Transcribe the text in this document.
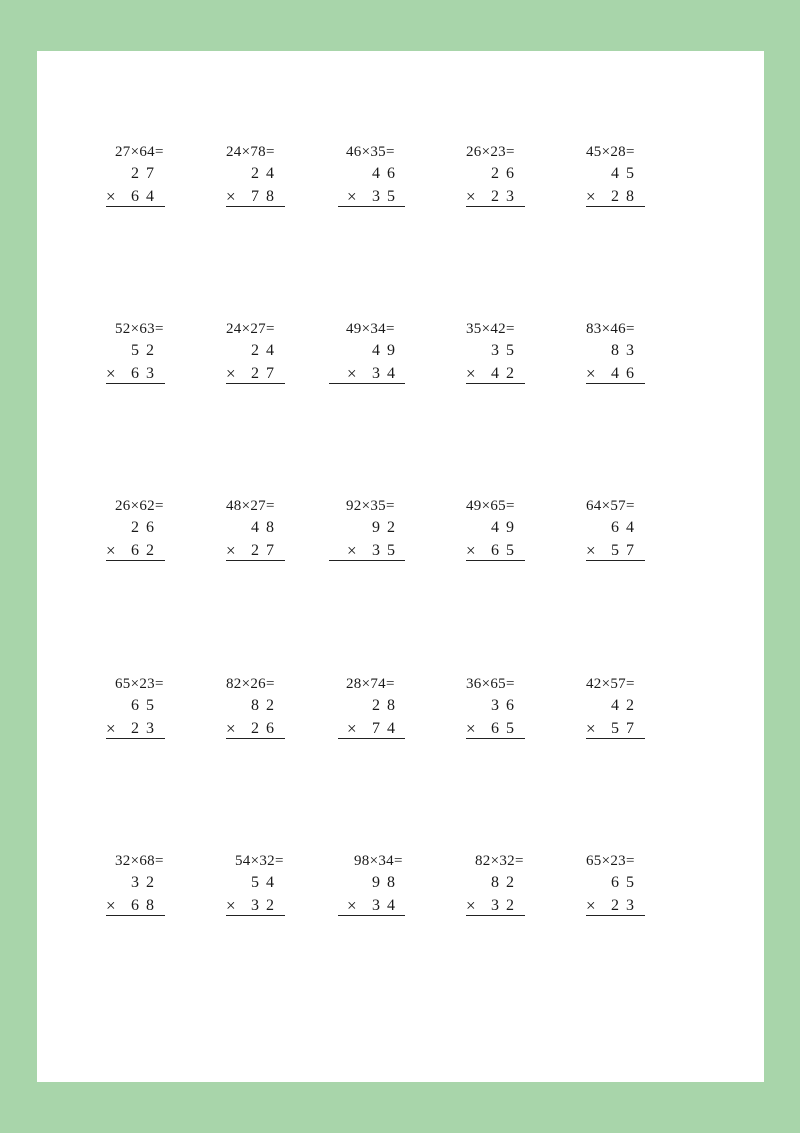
27×64=
27
× 64
24×78=
24
× 78
46×35=
46
× 35
26×23=
26
× 23
45×28=
45
× 28
52×63=
52
× 63
24×27=
24
× 27
49×34=
49
× 34
35×42=
35
× 42
83×46=
83
× 46
26×62=
26
× 62
48×27=
48
× 27
92×35=
92
× 35
49×65=
49
× 65
64×57=
64
× 57
65×23=
65
× 23
82×26=
82
× 26
28×74=
28
× 74
36×65=
36
× 65
42×57=
42
× 57
32×68=
32
× 68
54×32=
54
× 32
98×34=
98
× 34
82×32=
82
× 32
65×23=
65
× 23
